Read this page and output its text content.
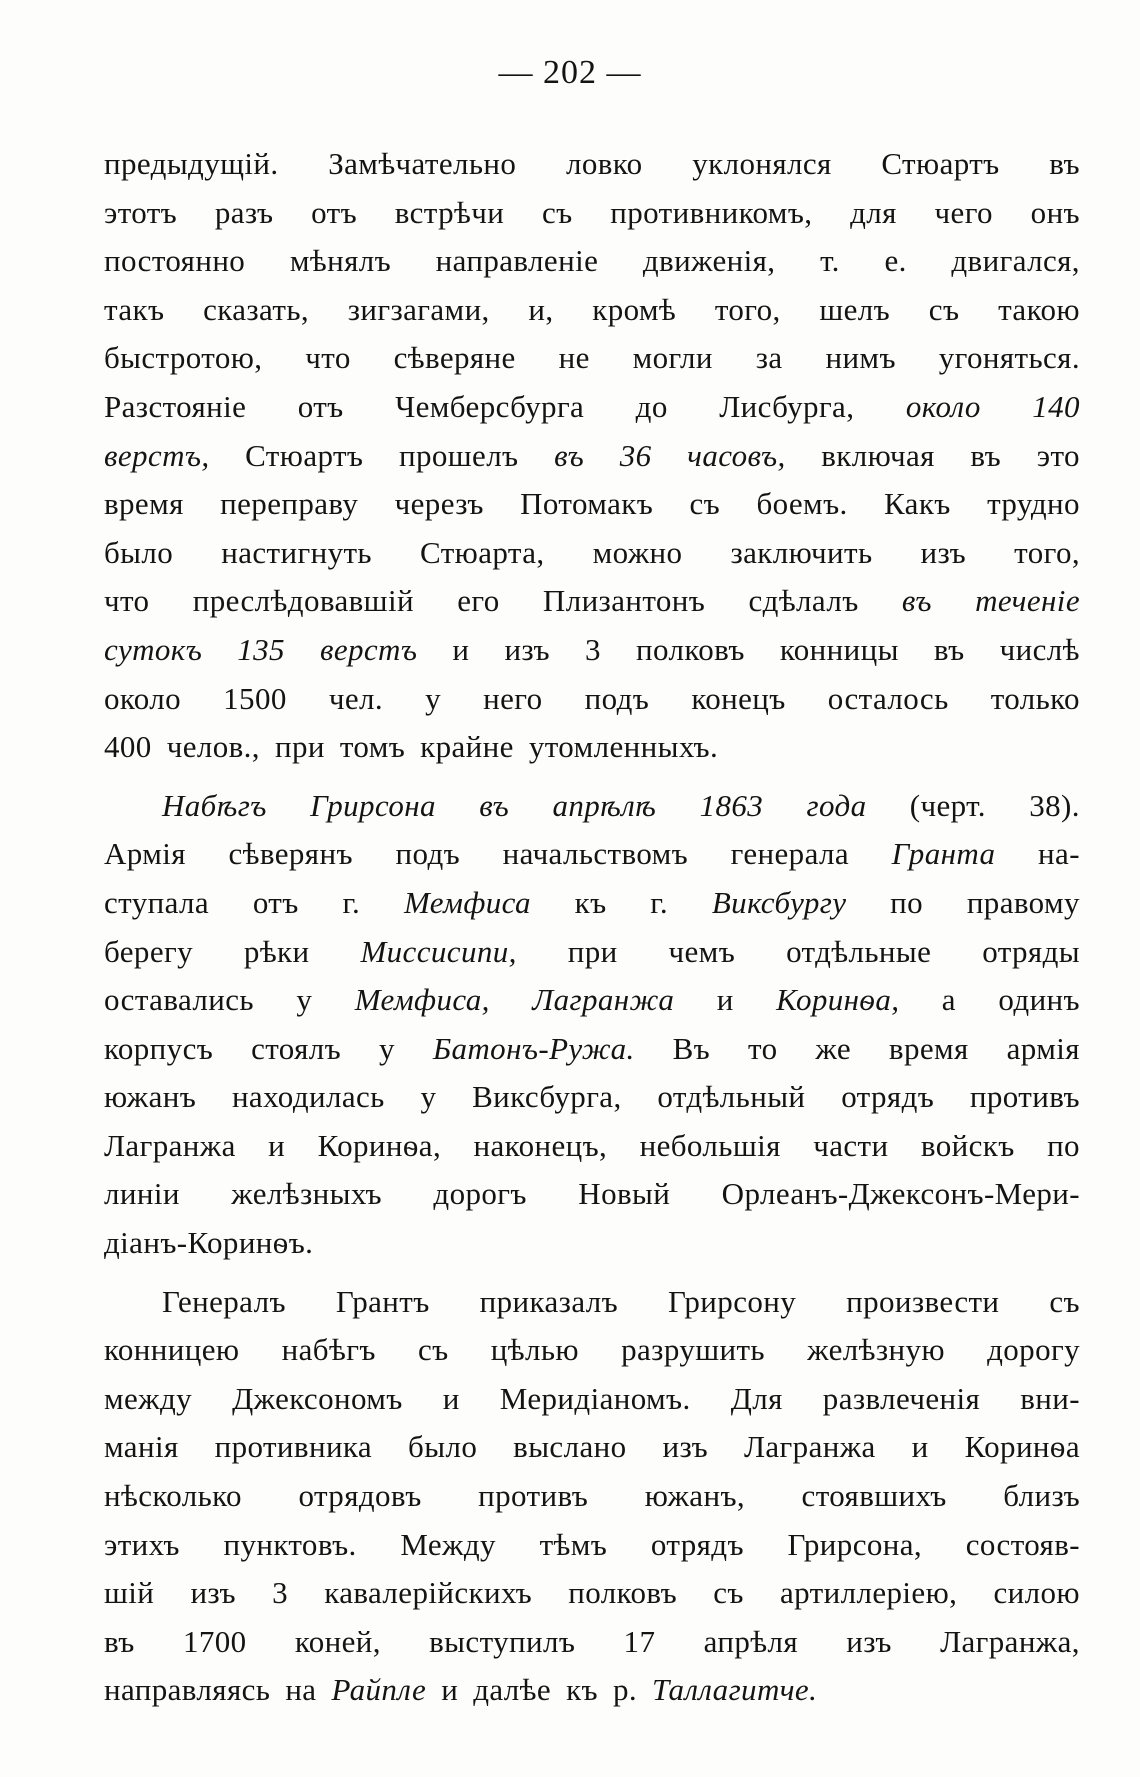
— 202 —
предыдущій. Замѣчательно ловко уклонялся Стюартъ въ
этотъ разъ отъ встрѣчи съ противникомъ, для чего онъ
постоянно мѣнялъ направленіе движенія, т. е. двигался,
такъ сказать, зигзагами, и, кромѣ того, шелъ съ такою
быстротою, что сѣверяне не могли за нимъ угоняться.
Разстояніе отъ Чемберсбурга до Лисбурга, около 140
верстъ, Стюартъ прошелъ въ 36 часовъ, включая въ это
время переправу черезъ Потомакъ съ боемъ. Какъ трудно
было настигнуть Стюарта, можно заключить изъ того,
что преслѣдовавшій его Плизантонъ сдѣлалъ въ теченіе
сутокъ 135 верстъ и изъ 3 полковъ конницы въ числѣ
около 1500 чел. у него подъ конецъ осталось только
400 челов., при томъ крайне утомленныхъ.
Набѣгъ Грирсона въ апрѣлѣ 1863 года (черт. 38).
Армія сѣверянъ подъ начальствомъ генерала Гранта на-
ступала отъ г. Мемфиса къ г. Виксбургу по правому
берегу рѣки Миссисипи, при чемъ отдѣльные отряды
оставались у Мемфиса, Лагранжа и Коринѳа, а одинъ
корпусъ стоялъ у Батонъ-Ружа. Въ то же время армія
южанъ находилась у Виксбурга, отдѣльный отрядъ противъ
Лагранжа и Коринѳа, наконецъ, небольшія части войскъ по
линіи желѣзныхъ дорогъ Новый Орлеанъ-Джексонъ-Мери-
діанъ-Коринѳъ.
Генералъ Грантъ приказалъ Грирсону произвести съ
конницею набѣгъ съ цѣлью разрушить желѣзную дорогу
между Джексономъ и Меридіаномъ. Для развлеченія вни-
манія противника было выслано изъ Лагранжа и Коринѳа
нѣсколько отрядовъ противъ южанъ, стоявшихъ близъ
этихъ пунктовъ. Между тѣмъ отрядъ Грирсона, состояв-
шій изъ 3 кавалерійскихъ полковъ съ артиллеріею, силою
въ 1700 коней, выступилъ 17 апрѣля изъ Лагранжа,
направляясь на Райпле и далѣе къ р. Таллагитче.
